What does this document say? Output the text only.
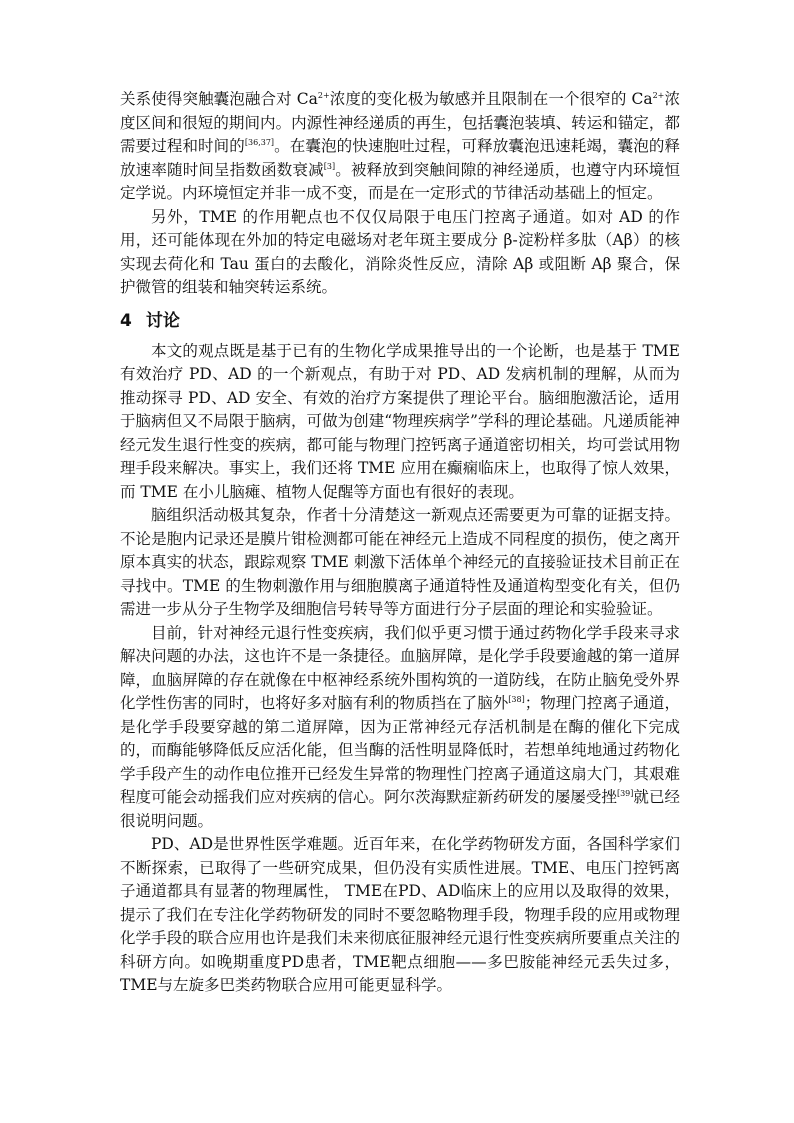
关系使得突触囊泡融合对 $Ca^{2+}$浓度的变化极为敏感并且限制在一个很窄的 $Ca^{2+}$浓度区间和很短的期间内。内源性神经递质的再生，包括囊泡装填、转运和锚定，都需要过程和时间的[36,37]。在囊泡的快速胞吐过程，可释放囊泡迅速耗竭，囊泡的释放速率随时间呈指数函数衰减[3]。被释放到突触间隙的神经递质，也遵守内环境恒定学说。内环境恒定并非一成不变，而是在一定形式的节律活动基础上的恒定。

另外，TME 的作用靶点也不仅仅局限于电压门控离子通道。如对 AD 的作用，还可能体现在外加的特定电磁场对老年斑主要成分 β-淀粉样多肽（Aβ）的核实现去荷化和 Tau 蛋白的去酸化，消除炎性反应，清除 Aβ 或阻断 Aβ 聚合，保护微管的组装和轴突转运系统。

4 讨论

本文的观点既是基于已有的生物化学成果推导出的一个论断，也是基于 TME 有效治疗 PD、AD 的一个新观点，有助于对 PD、AD 发病机制的理解，从而为推动探寻 PD、AD 安全、有效的治疗方案提供了理论平台。脑细胞激活论，适用于脑病但又不局限于脑病，可做为创建“物理疾病学”学科的理论基础。凡递质能神经元发生退行性变的疾病，都可能与物理门控钙离子通道密切相关，均可尝试用物理手段来解决。事实上，我们还将 TME 应用在癫痫临床上，也取得了惊人效果，而 TME 在小儿脑瘫、植物人促醒等方面也有很好的表现。

脑组织活动极其复杂，作者十分清楚这一新观点还需要更为可靠的证据支持。不论是胞内记录还是膜片钳检测都可能在神经元上造成不同程度的损伤，使之离开原本真实的状态，跟踪观察 TME 刺激下活体单个神经元的直接验证技术目前正在寻找中。TME 的生物刺激作用与细胞膜离子通道特性及通道构型变化有关，但仍需进一步从分子生物学及细胞信号转导等方面进行分子层面的理论和实验验证。

目前，针对神经元退行性变疾病，我们似乎更习惯于通过药物化学手段来寻求解决问题的办法，这也许不是一条捷径。血脑屏障，是化学手段要逾越的第一道屏障，血脑屏障的存在就像在中枢神经系统外围构筑的一道防线，在防止脑免受外界化学性伤害的同时，也将好多对脑有利的物质挡在了脑外[38]；物理门控离子通道，是化学手段要穿越的第二道屏障，因为正常神经元存活机制是在酶的催化下完成的，而酶能够降低反应活化能，但当酶的活性明显降低时，若想单纯地通过药物化学手段产生的动作电位推开已经发生异常的物理性门控离子通道这扇大门，其艰难程度可能会动摇我们应对疾病的信心。阿尔茨海默症新药研发的屡屡受挫[39]就已经很说明问题。

PD、AD是世界性医学难题。近百年来，在化学药物研发方面，各国科学家们不断探索，已取得了一些研究成果，但仍没有实质性进展。TME、电压门控钙离子通道都具有显著的物理属性， TME在PD、AD临床上的应用以及取得的效果，提示了我们在专注化学药物研发的同时不要忽略物理手段，物理手段的应用或物理化学手段的联合应用也许是我们未来彻底征服神经元退行性变疾病所要重点关注的科研方向。如晚期重度PD患者，TME靶点细胞——多巴胺能神经元丢失过多，TME与左旋多巴类药物联合应用可能更显科学。
